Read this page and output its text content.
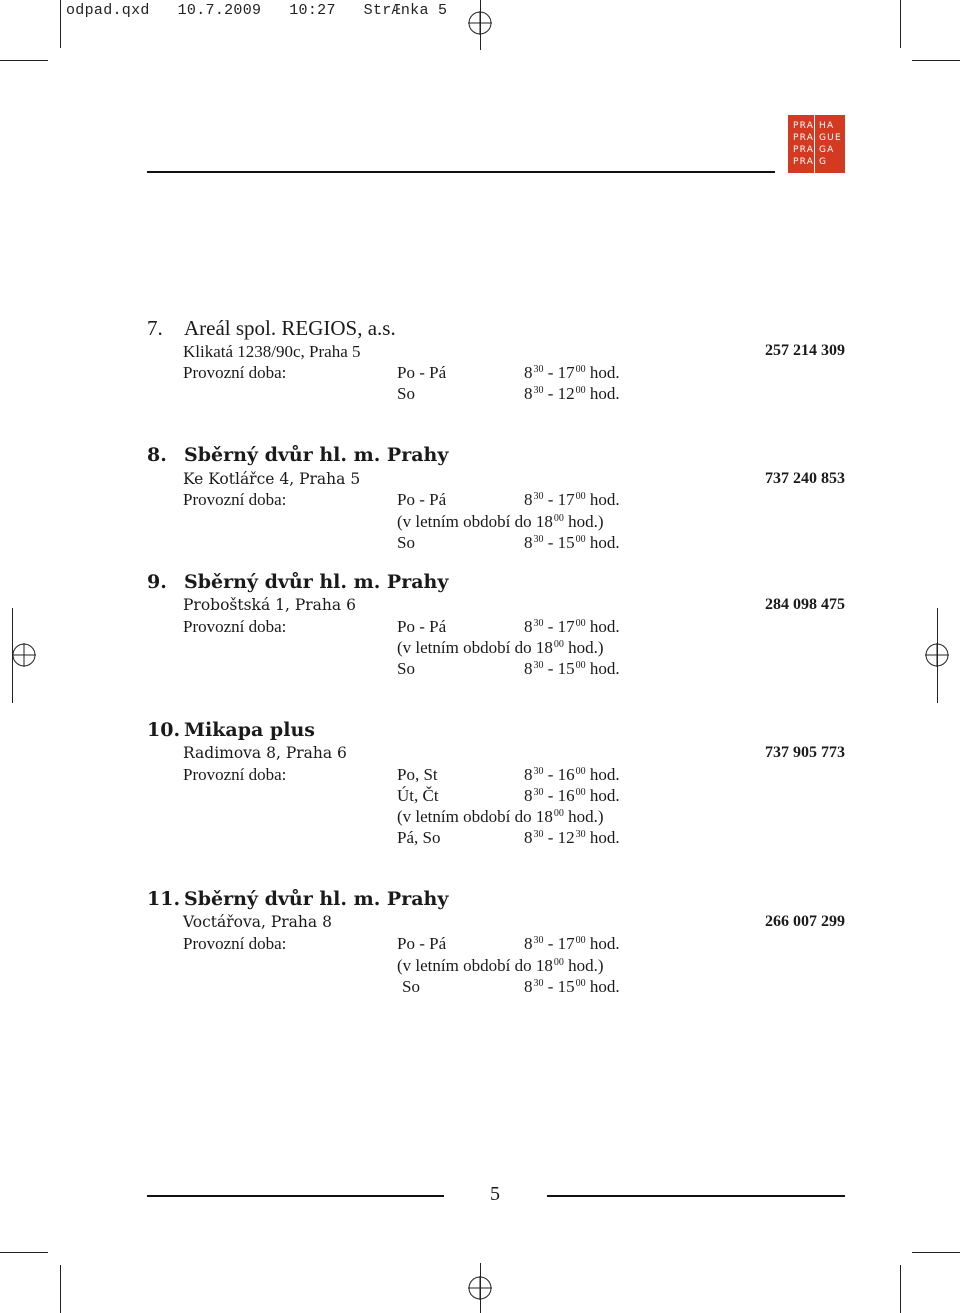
odpad.qxd   10.7.2009   10:27   StrÆnka 5
PRA
PRA
PRA
PRA
HA
GUE
GA
G
7. Areál spol. REGIOS, a.s.
Klikatá 1238/90c, Praha 5	257 214 309
Provozní doba:	Po - Pá	$8^{30} - 17^{00}$ hod.
So	$8^{30} - 12^{00}$ hod.
8. Sběrný dvůr hl. m. Prahy
Ke Kotlářce 4, Praha 5	737 240 853
Provozní doba:	Po - Pá	$8^{30} - 17^{00}$ hod.
(v letním období do $18^{00}$ hod.)
So	$8^{30} - 15^{00}$ hod.
9. Sběrný dvůr hl. m. Prahy
Proboštská 1, Praha 6	284 098 475
Provozní doba:	Po - Pá	$8^{30} - 17^{00}$ hod.
(v letním období do $18^{00}$ hod.)
So	$8^{30} - 15^{00}$ hod.
10. Mikapa plus
Radimova 8, Praha 6	737 905 773
Provozní doba:	Po, St	$8^{30} - 16^{00}$ hod.
Út, Čt	$8^{30} - 16^{00}$ hod.
(v letním období do $18^{00}$ hod.)
Pá, So	$8^{30} - 12^{30}$ hod.
11. Sběrný dvůr hl. m. Prahy
Voctářova, Praha 8	266 007 299
Provozní doba:	Po - Pá	$8^{30} - 17^{00}$ hod.
(v letním období do $18^{00}$ hod.)
So	$8^{30} - 15^{00}$ hod.
5
